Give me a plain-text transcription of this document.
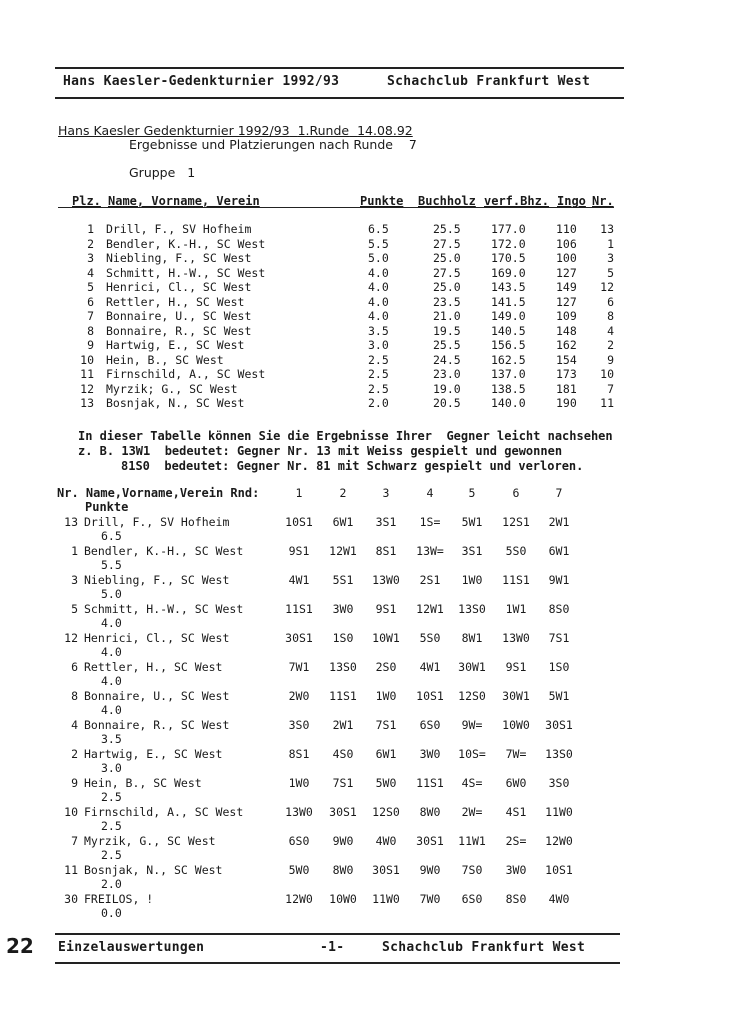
Hans Kaesler-Gedenkturnier 1992/93	Schachclub Frankfurt West

Hans Kaesler Gedenkturnier 1992/93 1.Runde 14.08.92
Ergebnisse und Platzierungen nach Runde 7
Gruppe 1
Plz. Name, Vorname, Verein	Punkte Buchholz verf.Bhz. Ingo Nr.
1 Drill, F., SV Hofheim	6.5	25.5	177.0	110 13
2 Bendler, K.-H., SC West	5.5	27.5	172.0	106	1
3 Niebling, F., SC West	5.0	25.0	170.5	100	3
4 Schmitt, H.-W., SC West	4.0	27.5	169.0	127	5
5 Henrici, Cl., SC West	4.0	25.0	143.5	149 12
6 Rettler, H., SC West	4.0	23.5	141.5	127	6
7 Bonnaire, U., SC West	4.0	21.0	149.0	109	8
8 Bonnaire, R., SC West	3.5	19.5	140.5	148	4
9 Hartwig, E., SC West	3.0	25.5	156.5	162	2
10 Hein, B., SC West	2.5	24.5	162.5	154	9
11 Firnschild, A., SC West	2.5	23.0	137.0	173 10
12 Myrzik; G., SC West	2.5	19.0	138.5	181	7
13 Bosnjak, N., SC West	2.0	20.5	140.0	190 11
In dieser Tabelle können Sie die Ergebnisse Ihrer  Gegner leicht nachsehen
z. B. 13W1  bedeutet: Gegner Nr. 13 mit Weiss gespielt und gewonnen
81S0  bedeutet: Gegner Nr. 81 mit Schwarz gespielt und verloren.
Nr. Name,Vorname,Verein Rnd:
Punkte
1	2	3	4	5	6	7
13 Drill, F., SV Hofheim
6.5
10S1	6W1	3S1	1S=	5W1	12S1	2W1
1 Bendler, K.-H., SC West
5.5
9S1	12W1	8S1	13W=	3S1	5S0	6W1
3 Niebling, F., SC West
5.0
4W1	5S1	13W0	2S1	1W0	11S1	9W1
5 Schmitt, H.-W., SC West
4.0
11S1	3W0	9S1	12W1	13S0	1W1	8S0
12 Henrici, Cl., SC West
4.0
30S1	1S0	10W1	5S0	8W1	13W0	7S1
6 Rettler, H., SC West
4.0
7W1	13S0	2S0	4W1	30W1	9S1	1S0
8 Bonnaire, U., SC West
4.0
2W0	11S1	1W0	10S1	12S0	30W1	5W1
4 Bonnaire, R., SC West
3.5
3S0	2W1	7S1	6S0	9W=	10W0	30S1
2 Hartwig, E., SC West
3.0
8S1	4S0	6W1	3W0	10S=	7W=	13S0
9 Hein, B., SC West
2.5
1W0	7S1	5W0	11S1	4S=	6W0	3S0
10 Firnschild, A., SC West
2.5
13W0	30S1	12S0	8W0	2W=	4S1	11W0
7 Myrzik, G., SC West
2.5
6S0	9W0	4W0	30S1	11W1	2S=	12W0
11 Bosnjak, N., SC West
2.0
5W0	8W0	30S1	9W0	7S0	3W0	10S1
30 FREILOS, !
0.0
12W0	10W0	11W0	7W0	6S0	8S0	4W0
22 Einzelauswertungen	-1-	Schachclub Frankfurt West
